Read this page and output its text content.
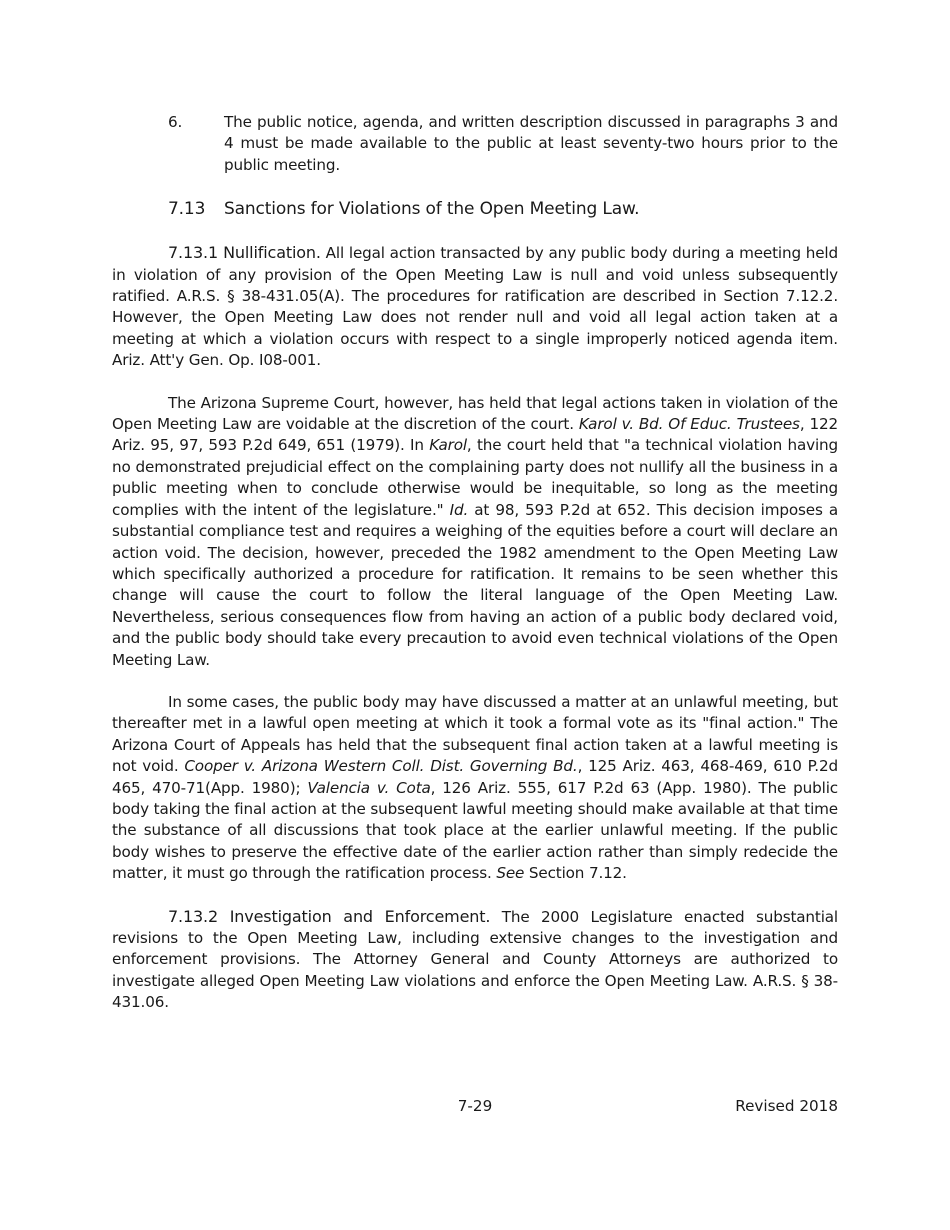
6.	The public notice, agenda, and written description discussed in paragraphs 3 and 4 must be made available to the public at least seventy-two hours prior to the public meeting.
7.13 Sanctions for Violations of the Open Meeting Law.

7.13.1 Nullification. All legal action transacted by any public body during a meeting held in violation of any provision of the Open Meeting Law is null and void unless subsequently ratified. A.R.S. § 38-431.05(A). The procedures for ratification are described in Section 7.12.2. However, the Open Meeting Law does not render null and void all legal action taken at a meeting at which a violation occurs with respect to a single improperly noticed agenda item. Ariz. Att'y Gen. Op. I08-001.

The Arizona Supreme Court, however, has held that legal actions taken in violation of the Open Meeting Law are voidable at the discretion of the court. Karol v. Bd. Of Educ. Trustees, 122 Ariz. 95, 97, 593 P.2d 649, 651 (1979). In Karol, the court held that "a technical violation having no demonstrated prejudicial effect on the complaining party does not nullify all the business in a public meeting when to conclude otherwise would be inequitable, so long as the meeting complies with the intent of the legislature." Id. at 98, 593 P.2d at 652. This decision imposes a substantial compliance test and requires a weighing of the equities before a court will declare an action void. The decision, however, preceded the 1982 amendment to the Open Meeting Law which specifically authorized a procedure for ratification. It remains to be seen whether this change will cause the court to follow the literal language of the Open Meeting Law. Nevertheless, serious consequences flow from having an action of a public body declared void, and the public body should take every precaution to avoid even technical violations of the Open Meeting Law.

In some cases, the public body may have discussed a matter at an unlawful meeting, but thereafter met in a lawful open meeting at which it took a formal vote as its "final action." The Arizona Court of Appeals has held that the subsequent final action taken at a lawful meeting is not void. Cooper v. Arizona Western Coll. Dist. Governing Bd., 125 Ariz. 463, 468-469, 610 P.2d 465, 470-71(App. 1980); Valencia v. Cota, 126 Ariz. 555, 617 P.2d 63 (App. 1980). The public body taking the final action at the subsequent lawful meeting should make available at that time the substance of all discussions that took place at the earlier unlawful meeting. If the public body wishes to preserve the effective date of the earlier action rather than simply redecide the matter, it must go through the ratification process. See Section 7.12.

7.13.2 Investigation and Enforcement. The 2000 Legislature enacted substantial revisions to the Open Meeting Law, including extensive changes to the investigation and enforcement provisions. The Attorney General and County Attorneys are authorized to investigate alleged Open Meeting Law violations and enforce the Open Meeting Law. A.R.S. § 38-431.06.

7-29	Revised 2018
